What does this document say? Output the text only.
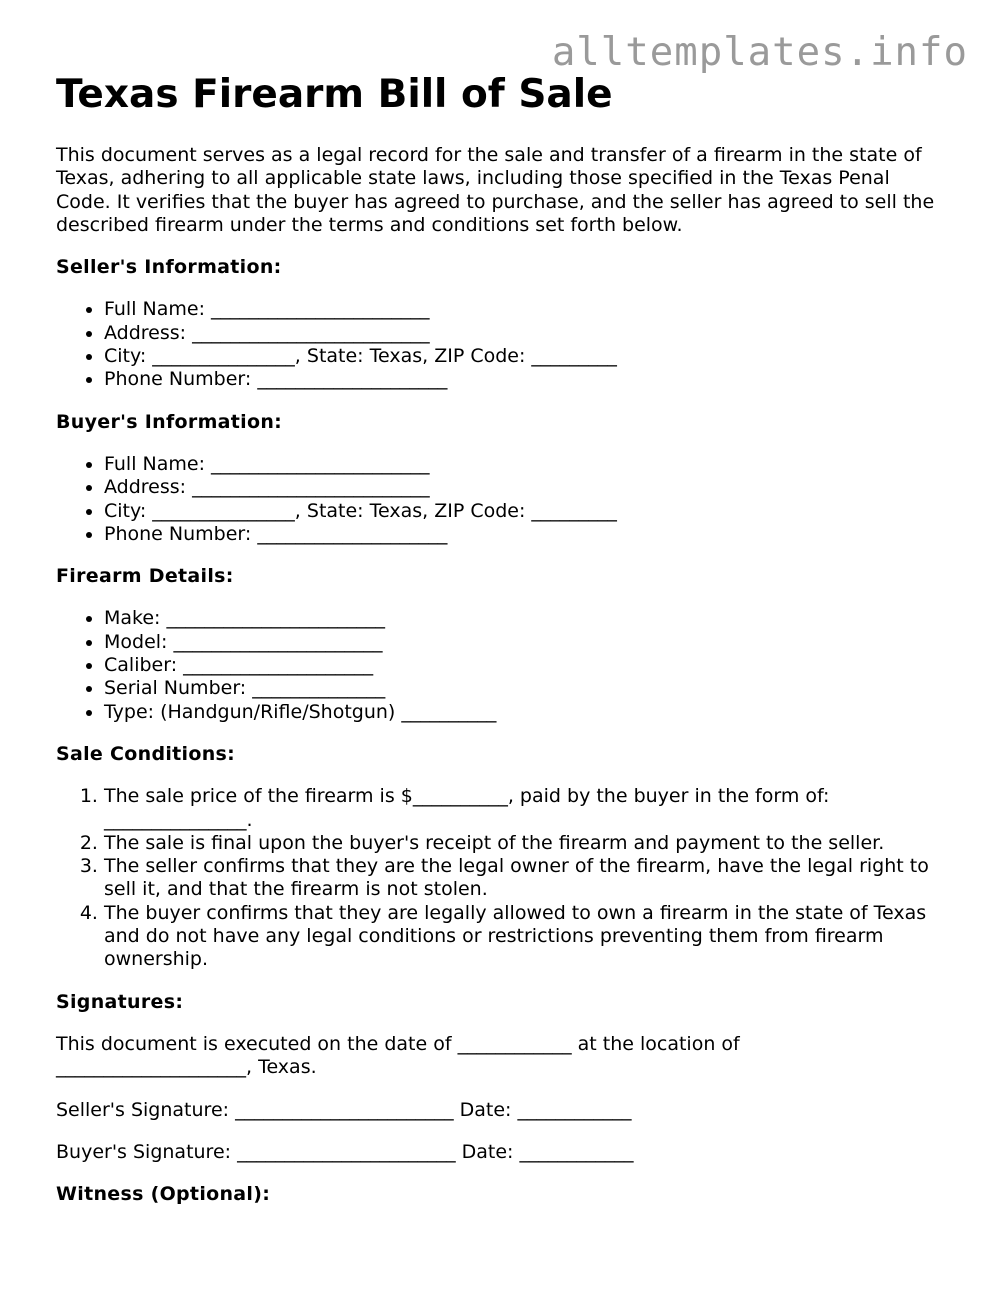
alltemplates.info
Texas Firearm Bill of Sale

This document serves as a legal record for the sale and transfer of a firearm in the state of Texas, adhering to all applicable state laws, including those specified in the Texas Penal Code. It verifies that the buyer has agreed to purchase, and the seller has agreed to sell the described firearm under the terms and conditions set forth below.

Seller's Information:
• Full Name: _______________________
• Address: _________________________
• City: _______________, State: Texas, ZIP Code: _________
• Phone Number: ____________________
Buyer's Information:
• Full Name: _______________________
• Address: _________________________
• City: _______________, State: Texas, ZIP Code: _________
• Phone Number: ____________________
Firearm Details:
• Make: _______________________
• Model: ______________________
• Caliber: ____________________
• Serial Number: ______________
• Type: (Handgun/Rifle/Shotgun) __________
Sale Conditions:
1. The sale price of the firearm is $__________, paid by the buyer in the form of: _______________.
2. The sale is final upon the buyer's receipt of the firearm and payment to the seller.
3. The seller confirms that they are the legal owner of the firearm, have the legal right to sell it, and that the firearm is not stolen.
4. The buyer confirms that they are legally allowed to own a firearm in the state of Texas and do not have any legal conditions or restrictions preventing them from firearm ownership.
Signatures:

This document is executed on the date of ____________ at the location of ____________________, Texas.

Seller's Signature: _______________________ Date: ____________

Buyer's Signature: _______________________ Date: ____________

Witness (Optional):
